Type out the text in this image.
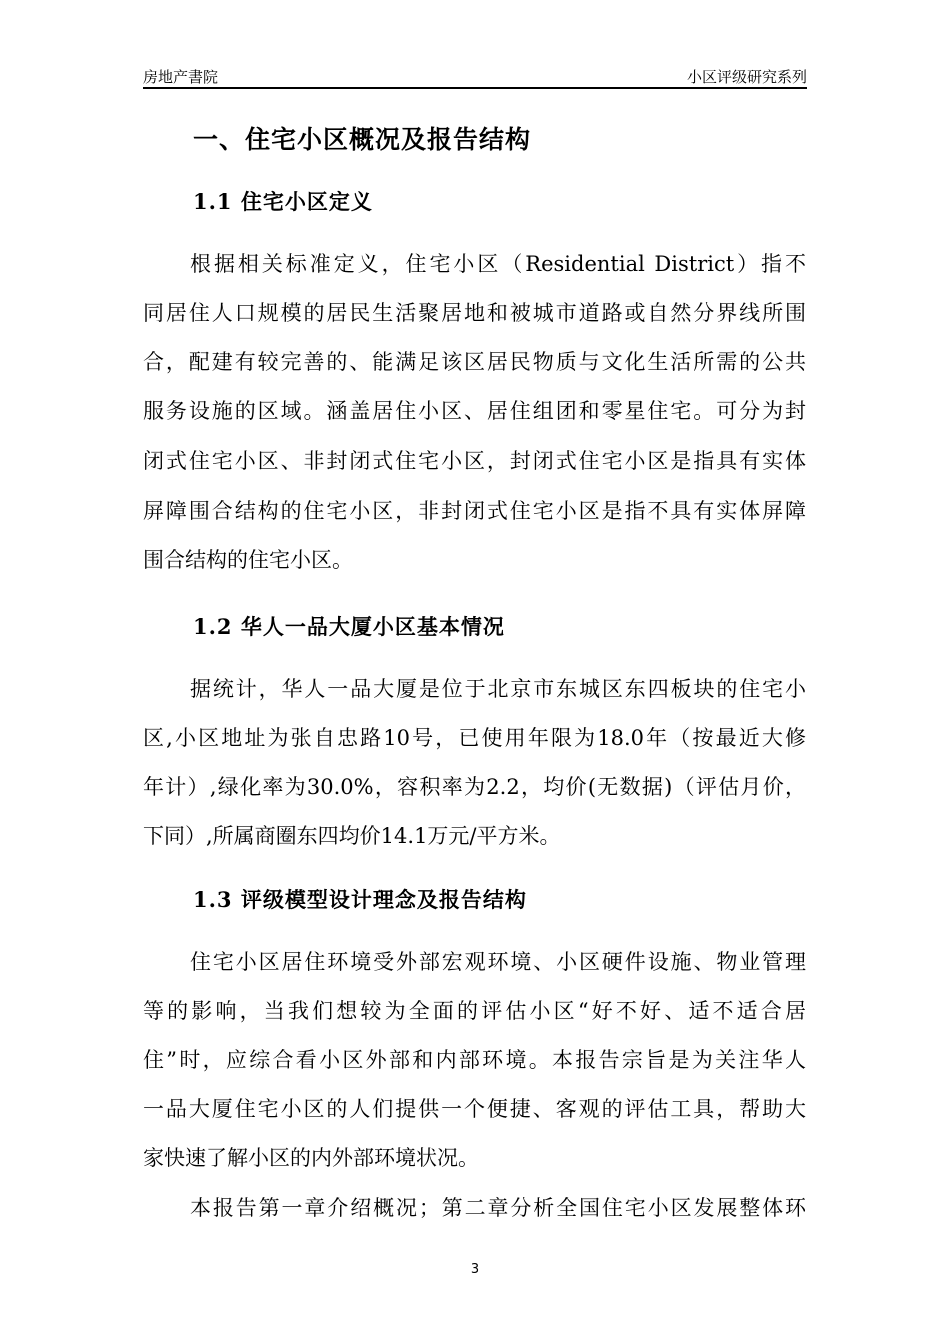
房地产書院	小区评级研究系列
一、住宅小区概况及报告结构
1.1 住宅小区定义
根据相关标准定义，住宅小区（Residential District）指不
同居住人口规模的居民生活聚居地和被城市道路或自然分界线所围
合，配建有较完善的、能满足该区居民物质与文化生活所需的公共
服务设施的区域。涵盖居住小区、居住组团和零星住宅。可分为封
闭式住宅小区、非封闭式住宅小区，封闭式住宅小区是指具有实体
屏障围合结构的住宅小区，非封闭式住宅小区是指不具有实体屏障
围合结构的住宅小区。
1.2 华人一品大厦小区基本情况
据统计，华人一品大厦是位于北京市东城区东四板块的住宅小
区,小区地址为张自忠路10号，已使用年限为18.0年（按最近大修
年计）,绿化率为30.0%，容积率为2.2，均价(无数据)（评估月价，
下同）,所属商圈东四均价14.1万元/平方米。
1.3 评级模型设计理念及报告结构
住宅小区居住环境受外部宏观环境、小区硬件设施、物业管理
等的影响，当我们想较为全面的评估小区“好不好、适不适合居
住”时，应综合看小区外部和内部环境。本报告宗旨是为关注华人
一品大厦住宅小区的人们提供一个便捷、客观的评估工具，帮助大
家快速了解小区的内外部环境状况。
本报告第一章介绍概况；第二章分析全国住宅小区发展整体环
3
